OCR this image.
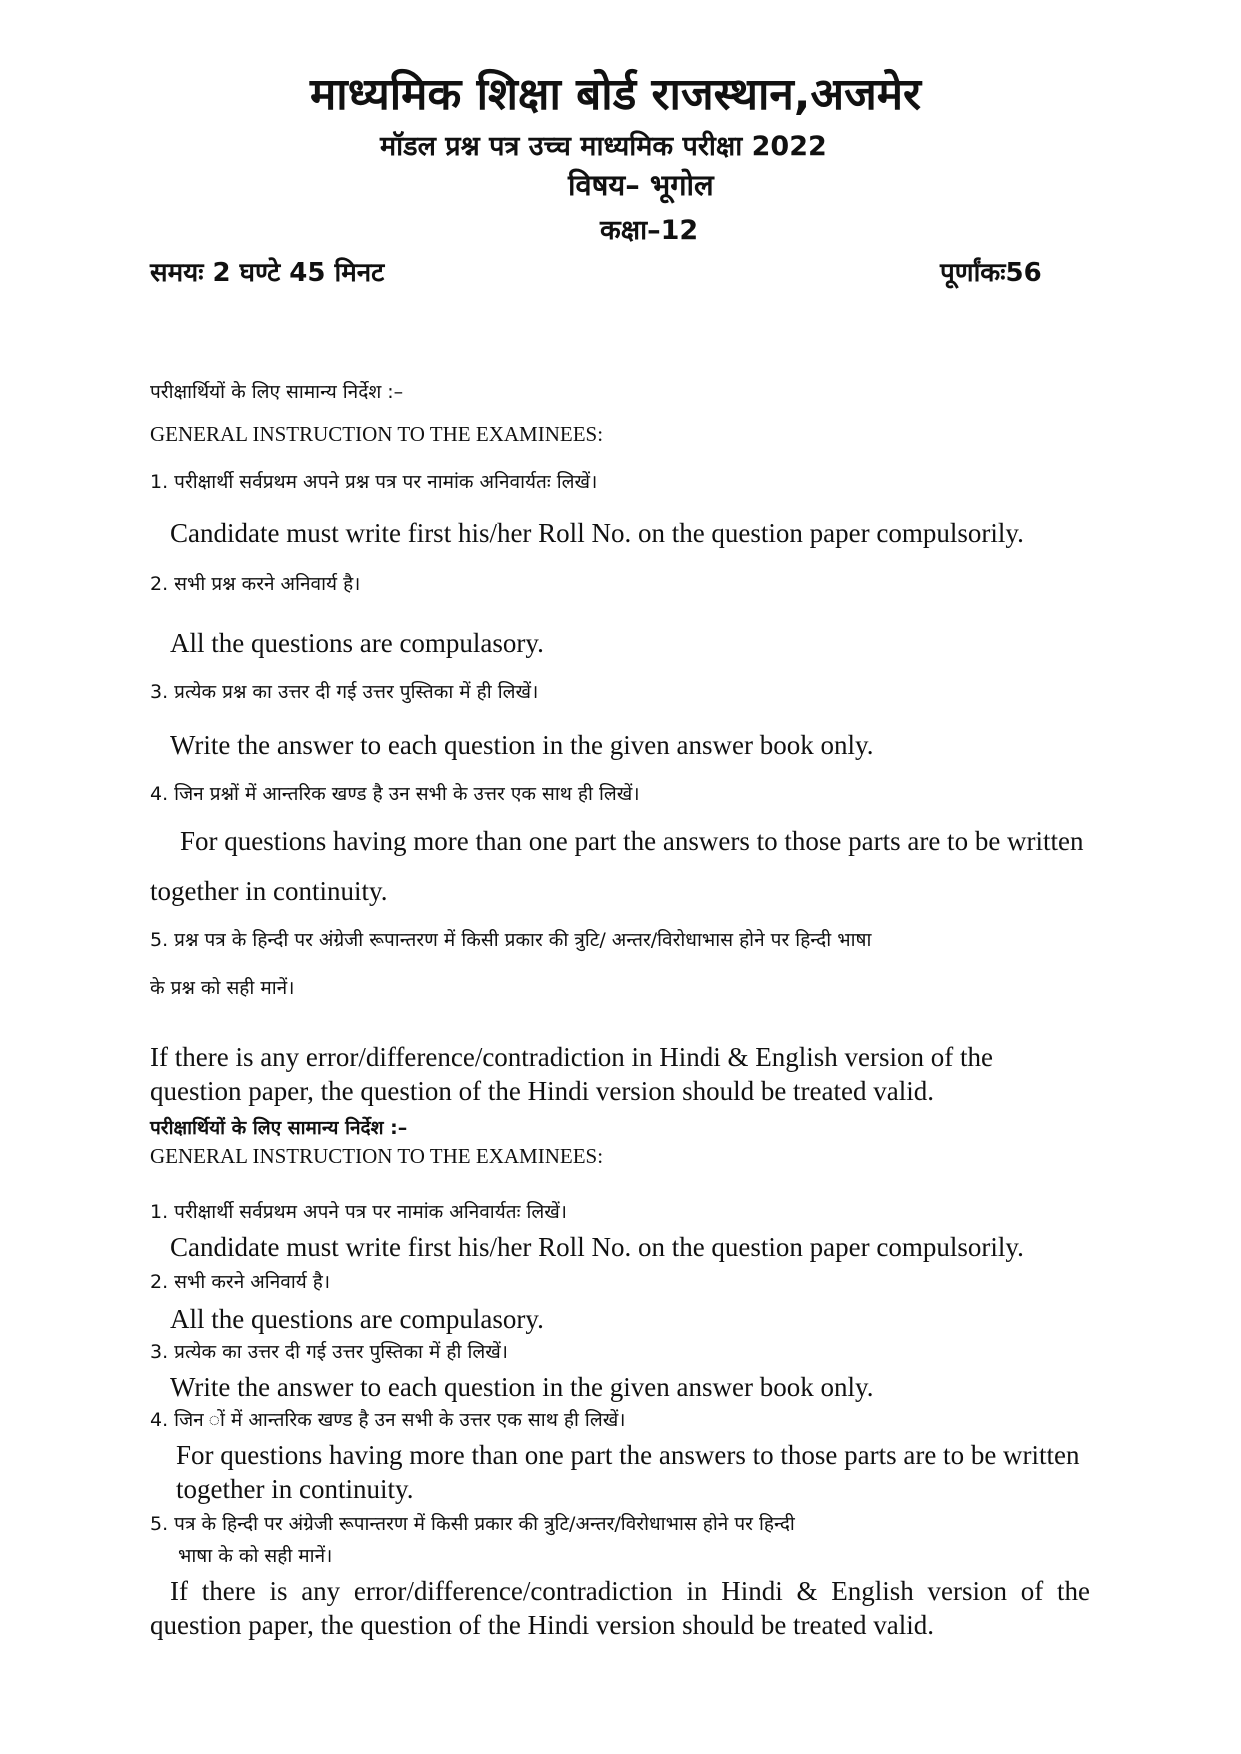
माध्यमिक शिक्षा बोर्ड राजस्थान,अजमेर
मॉडल प्रश्न पत्र उच्च माध्यमिक परीक्षा 2022
विषय– भूगोल
कक्षा–12
समयः 2 घण्टे 45 मिनट	पूर्णांकः56
परीक्षार्थियों के लिए सामान्य निर्देश :–
GENERAL INSTRUCTION TO THE EXAMINEES:
1. परीक्षार्थी सर्वप्रथम अपने प्रश्न पत्र पर नामांक अनिवार्यतः लिखें।
Candidate must write first his/her Roll No. on the question paper compulsorily.
2. सभी प्रश्न करने अनिवार्य है।
All the questions are compulasory.
3. प्रत्येक प्रश्न का उत्तर दी गई उत्तर पुस्तिका में ही लिखें।
Write the answer to each question in the given answer book only.
4. जिन प्रश्नों में आन्तरिक खण्ड है उन सभी के उत्तर एक साथ ही लिखें।
For questions having more than one part the answers to those parts are to be written
together in continuity.
5. प्रश्न पत्र के हिन्दी पर अंग्रेजी रूपान्तरण में किसी प्रकार की त्रुटि/ अन्तर/विरोधाभास होने पर हिन्दी भाषा
के प्रश्न को सही मानें।
If there is any error/difference/contradiction in Hindi & English version of the
question paper, the question of the Hindi version should be treated valid.
परीक्षार्थियों के लिए सामान्य निर्देश :–
GENERAL INSTRUCTION TO THE EXAMINEES:
1. परीक्षार्थी सर्वप्रथम अपने पत्र पर नामांक अनिवार्यतः लिखें।
Candidate must write first his/her Roll No. on the question paper compulsorily.
2. सभी करने अनिवार्य है।
All the questions are compulasory.
3. प्रत्येक का उत्तर दी गई उत्तर पुस्तिका में ही लिखें।
Write the answer to each question in the given answer book only.
4. जिन ों में आन्तरिक खण्ड है उन सभी के उत्तर एक साथ ही लिखें।
For questions having more than one part the answers to those parts are to be written
together in continuity.
5. पत्र के हिन्दी पर अंग्रेजी रूपान्तरण में किसी प्रकार की त्रुटि/अन्तर/विरोधाभास होने पर हिन्दी
भाषा के को सही मानें।
If there is any error/difference/contradiction in Hindi & English version of the
question paper, the question of the Hindi version should be treated valid.
